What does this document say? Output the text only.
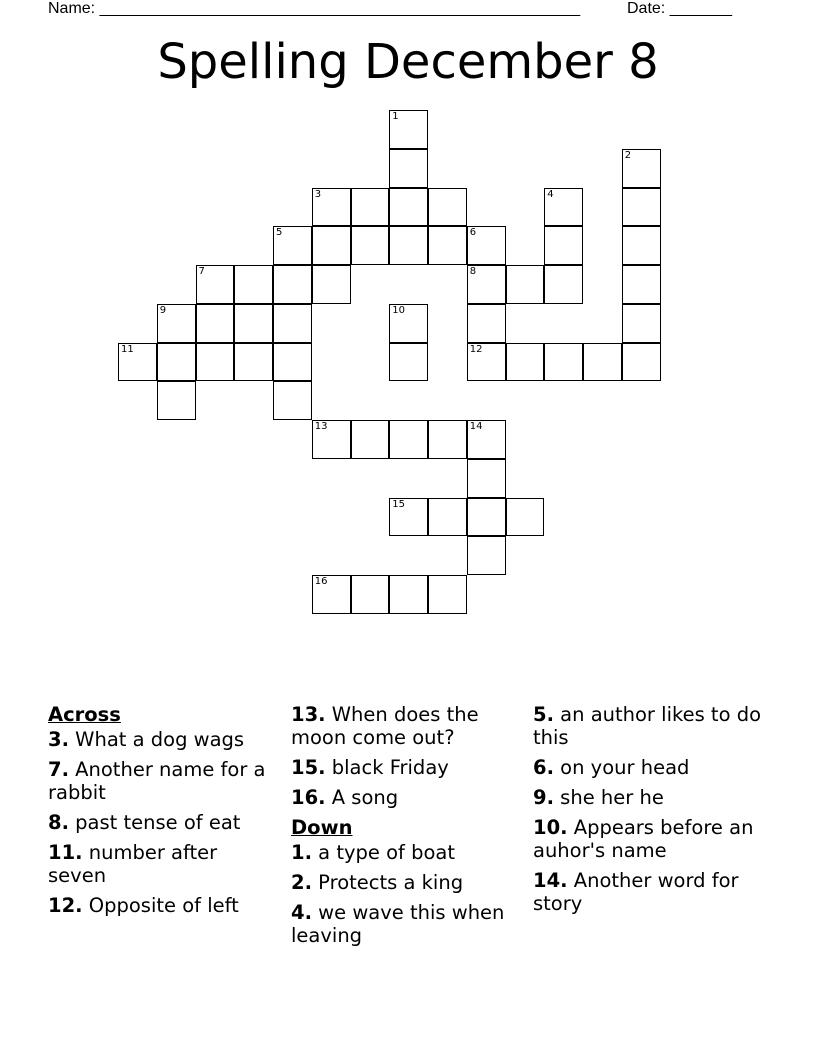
Name: ______________________________________________________	Date: _______
Spelling December 8
1
3
5	6
7
9
11
2
4
8
12
10
13	14
15
16
Across
3. What a dog wags
7. Another name for a rabbit
8. past tense of eat
11. number after seven
12. Opposite of left
13. When does the moon come out?
15. black Friday
16. A song
Down
1. a type of boat
2. Protects a king
4. we wave this when leaving
5. an author likes to do this
6. on your head
9. she her he
10. Appears before an auhor's name
14. Another word for story
